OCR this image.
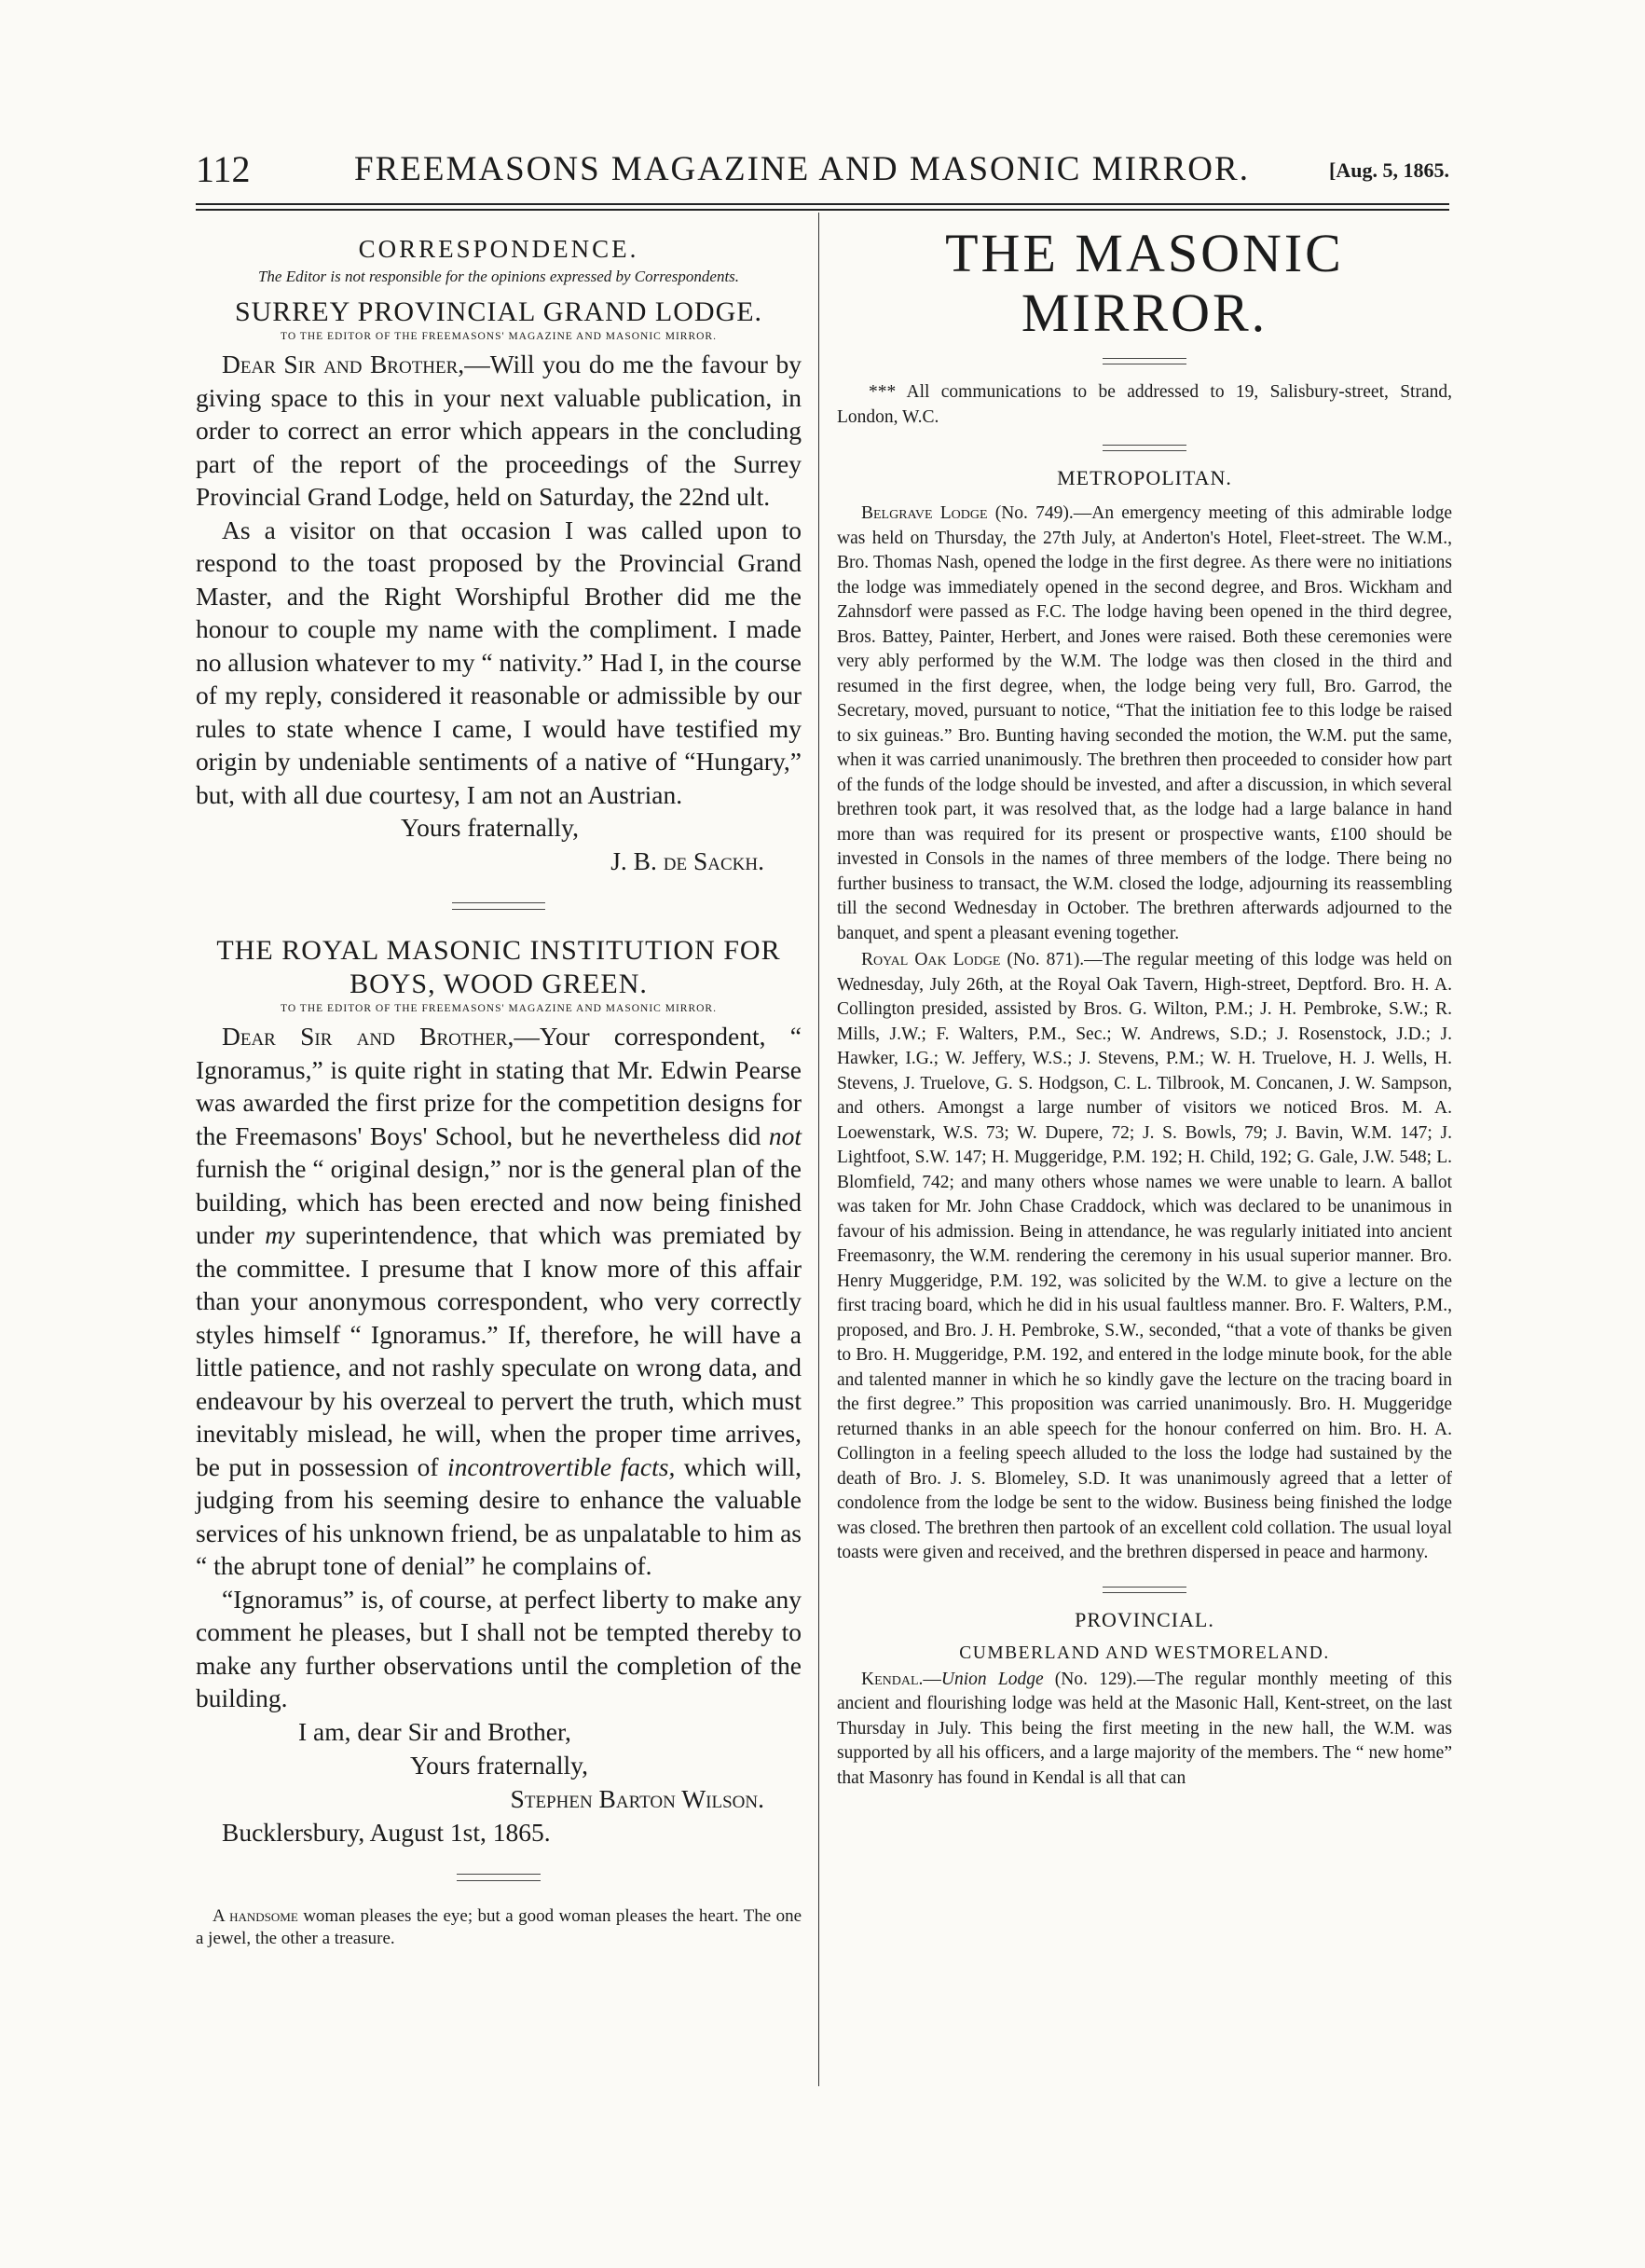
112	FREEMASONS MAGAZINE AND MASONIC MIRROR.	[Aug. 5, 1865.
CORRESPONDENCE.
The Editor is not responsible for the opinions expressed by Correspondents.
SURREY PROVINCIAL GRAND LODGE.
TO THE EDITOR OF THE FREEMASONS' MAGAZINE AND MASONIC MIRROR.

Dear Sir and Brother,—Will you do me the favour by giving space to this in your next valuable publication, in order to correct an error which appears in the concluding part of the report of the proceedings of the Surrey Provincial Grand Lodge, held on Saturday, the 22nd ult.

As a visitor on that occasion I was called upon to respond to the toast proposed by the Provincial Grand Master, and the Right Worshipful Brother did me the honour to couple my name with the compliment. I made no allusion whatever to my “ nativity.” Had I, in the course of my reply, considered it reasonable or admissible by our rules to state whence I came, I would have testified my origin by undeniable sentiments of a native of “Hungary,” but, with all due courtesy, I am not an Austrian.

Yours fraternally,
J. B. de Sackh.
THE ROYAL MASONIC INSTITUTION FOR BOYS, WOOD GREEN.
TO THE EDITOR OF THE FREEMASONS' MAGAZINE AND MASONIC MIRROR.

Dear Sir and Brother,—Your correspondent, “ Ignoramus,” is quite right in stating that Mr. Edwin Pearse was awarded the first prize for the competition designs for the Freemasons' Boys' School, but he nevertheless did not furnish the “ original design,” nor is the general plan of the building, which has been erected and now being finished under my superintendence, that which was premiated by the committee. I presume that I know more of this affair than your anonymous correspondent, who very correctly styles himself “ Ignoramus.” If, therefore, he will have a little patience, and not rashly speculate on wrong data, and endeavour by his overzeal to pervert the truth, which must inevitably mislead, he will, when the proper time arrives, be put in possession of incontrovertible facts, which will, judging from his seeming desire to enhance the valuable services of his unknown friend, be as unpalatable to him as “ the abrupt tone of denial” he complains of.

“Ignoramus” is, of course, at perfect liberty to make any comment he pleases, but I shall not be tempted thereby to make any further observations until the completion of the building.

I am, dear Sir and Brother,
Yours fraternally,
Stephen Barton Wilson.
Bucklersbury, August 1st, 1865.

A handsome woman pleases the eye; but a good woman pleases the heart. The one a jewel, the other a treasure.

THE MASONIC MIRROR.

*** All communications to be addressed to 19, Salisbury-street, Strand, London, W.C.

METROPOLITAN.

Belgrave Lodge (No. 749).—An emergency meeting of this admirable lodge was held on Thursday, the 27th July, at Anderton's Hotel, Fleet-street. The W.M., Bro. Thomas Nash, opened the lodge in the first degree. As there were no initiations the lodge was immediately opened in the second degree, and Bros. Wickham and Zahnsdorf were passed as F.C. The lodge having been opened in the third degree, Bros. Battey, Painter, Herbert, and Jones were raised. Both these ceremonies were very ably performed by the W.M. The lodge was then closed in the third and resumed in the first degree, when, the lodge being very full, Bro. Garrod, the Secretary, moved, pursuant to notice, “That the initiation fee to this lodge be raised to six guineas.” Bro. Bunting having seconded the motion, the W.M. put the same, when it was carried unanimously. The brethren then proceeded to consider how part of the funds of the lodge should be invested, and after a discussion, in which several brethren took part, it was resolved that, as the lodge had a large balance in hand more than was required for its present or prospective wants, £100 should be invested in Consols in the names of three members of the lodge. There being no further business to transact, the W.M. closed the lodge, adjourning its reassembling till the second Wednesday in October. The brethren afterwards adjourned to the banquet, and spent a pleasant evening together.

Royal Oak Lodge (No. 871).—The regular meeting of this lodge was held on Wednesday, July 26th, at the Royal Oak Tavern, High-street, Deptford. Bro. H. A. Collington presided, assisted by Bros. G. Wilton, P.M.; J. H. Pembroke, S.W.; R. Mills, J.W.; F. Walters, P.M., Sec.; W. Andrews, S.D.; J. Rosenstock, J.D.; J. Hawker, I.G.; W. Jeffery, W.S.; J. Stevens, P.M.; W. H. Truelove, H. J. Wells, H. Stevens, J. Truelove, G. S. Hodgson, C. L. Tilbrook, M. Concanen, J. W. Sampson, and others. Amongst a large number of visitors we noticed Bros. M. A. Loewenstark, W.S. 73; W. Dupere, 72; J. S. Bowls, 79; J. Bavin, W.M. 147; J. Lightfoot, S.W. 147; H. Muggeridge, P.M. 192; H. Child, 192; G. Gale, J.W. 548; L. Blomfield, 742; and many others whose names we were unable to learn. A ballot was taken for Mr. John Chase Craddock, which was declared to be unanimous in favour of his admission. Being in attendance, he was regularly initiated into ancient Freemasonry, the W.M. rendering the ceremony in his usual superior manner. Bro. Henry Muggeridge, P.M. 192, was solicited by the W.M. to give a lecture on the first tracing board, which he did in his usual faultless manner. Bro. F. Walters, P.M., proposed, and Bro. J. H. Pembroke, S.W., seconded, “that a vote of thanks be given to Bro. H. Muggeridge, P.M. 192, and entered in the lodge minute book, for the able and talented manner in which he so kindly gave the lecture on the tracing board in the first degree.” This proposition was carried unanimously. Bro. H. Muggeridge returned thanks in an able speech for the honour conferred on him. Bro. H. A. Collington in a feeling speech alluded to the loss the lodge had sustained by the death of Bro. J. S. Blomeley, S.D. It was unanimously agreed that a letter of condolence from the lodge be sent to the widow. Business being finished the lodge was closed. The brethren then partook of an excellent cold collation. The usual loyal toasts were given and received, and the brethren dispersed in peace and harmony.

PROVINCIAL.
CUMBERLAND AND WESTMORELAND.

Kendal.—Union Lodge (No. 129).—The regular monthly meeting of this ancient and flourishing lodge was held at the Masonic Hall, Kent-street, on the last Thursday in July. This being the first meeting in the new hall, the W.M. was supported by all his officers, and a large majority of the members. The “ new home” that Masonry has found in Kendal is all that can
